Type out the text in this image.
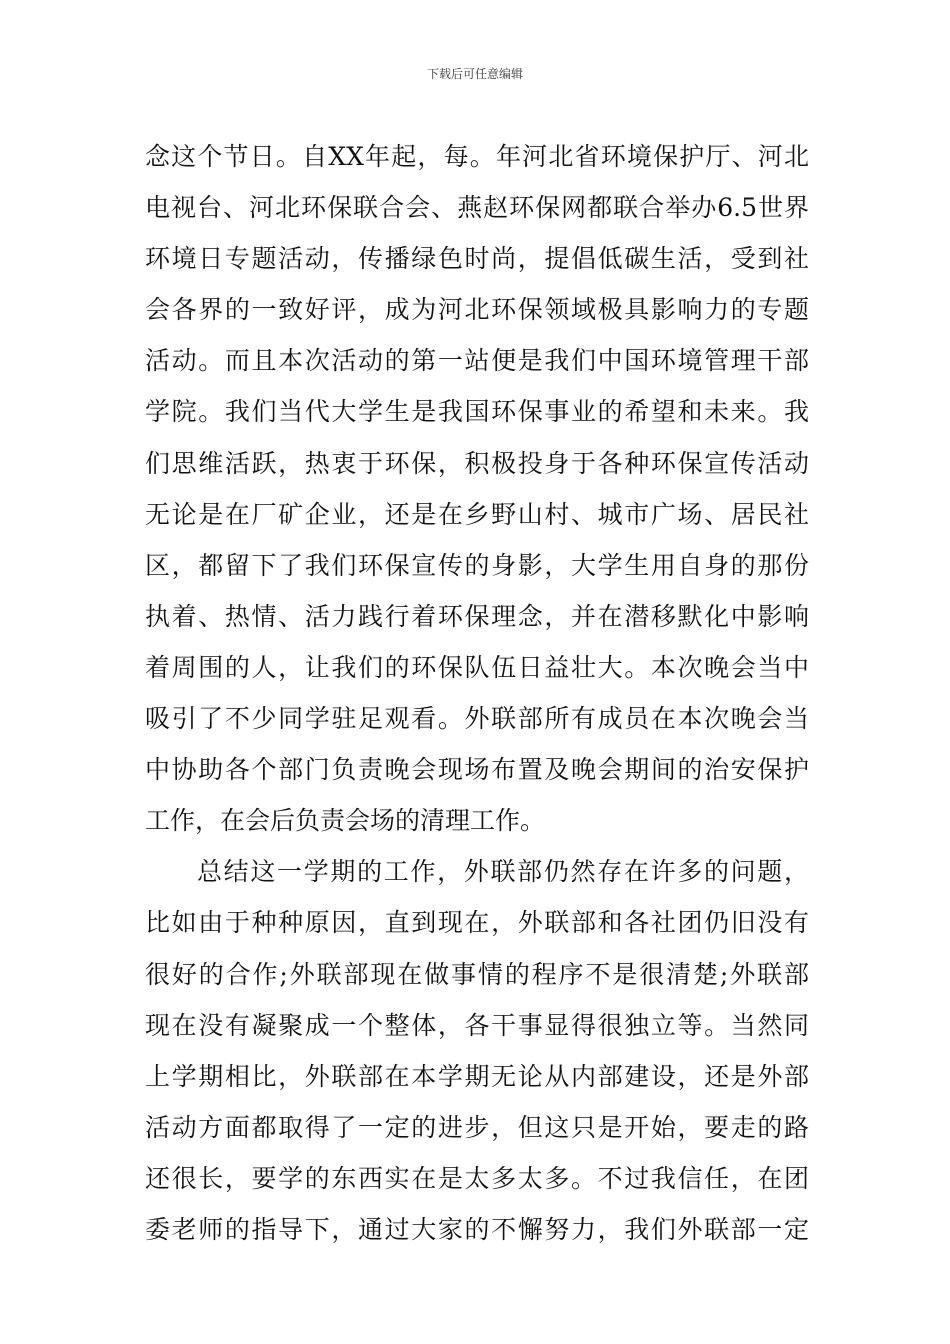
下载后可任意编辑
念这个节日。自XX年起，每。年河北省环境保护厅、河北
电视台、河北环保联合会、燕赵环保网都联合举办6.5世界
环境日专题活动，传播绿色时尚，提倡低碳生活，受到社
会各界的一致好评，成为河北环保领域极具影响力的专题
活动。而且本次活动的第一站便是我们中国环境管理干部
学院。我们当代大学生是我国环保事业的希望和未来。我
们思维活跃，热衷于环保，积极投身于各种环保宣传活动
无论是在厂矿企业，还是在乡野山村、城市广场、居民社
区，都留下了我们环保宣传的身影，大学生用自身的那份
执着、热情、活力践行着环保理念，并在潜移默化中影响
着周围的人，让我们的环保队伍日益壮大。本次晚会当中
吸引了不少同学驻足观看。外联部所有成员在本次晚会当
中协助各个部门负责晚会现场布置及晚会期间的治安保护
工作，在会后负责会场的清理工作。
总结这一学期的工作，外联部仍然存在许多的问题，
比如由于种种原因，直到现在，外联部和各社团仍旧没有
很好的合作;外联部现在做事情的程序不是很清楚;外联部
现在没有凝聚成一个整体，各干事显得很独立等。当然同
上学期相比，外联部在本学期无论从内部建设，还是外部
活动方面都取得了一定的进步，但这只是开始，要走的路
还很长，要学的东西实在是太多太多。不过我信任，在团
委老师的指导下，通过大家的不懈努力，我们外联部一定
